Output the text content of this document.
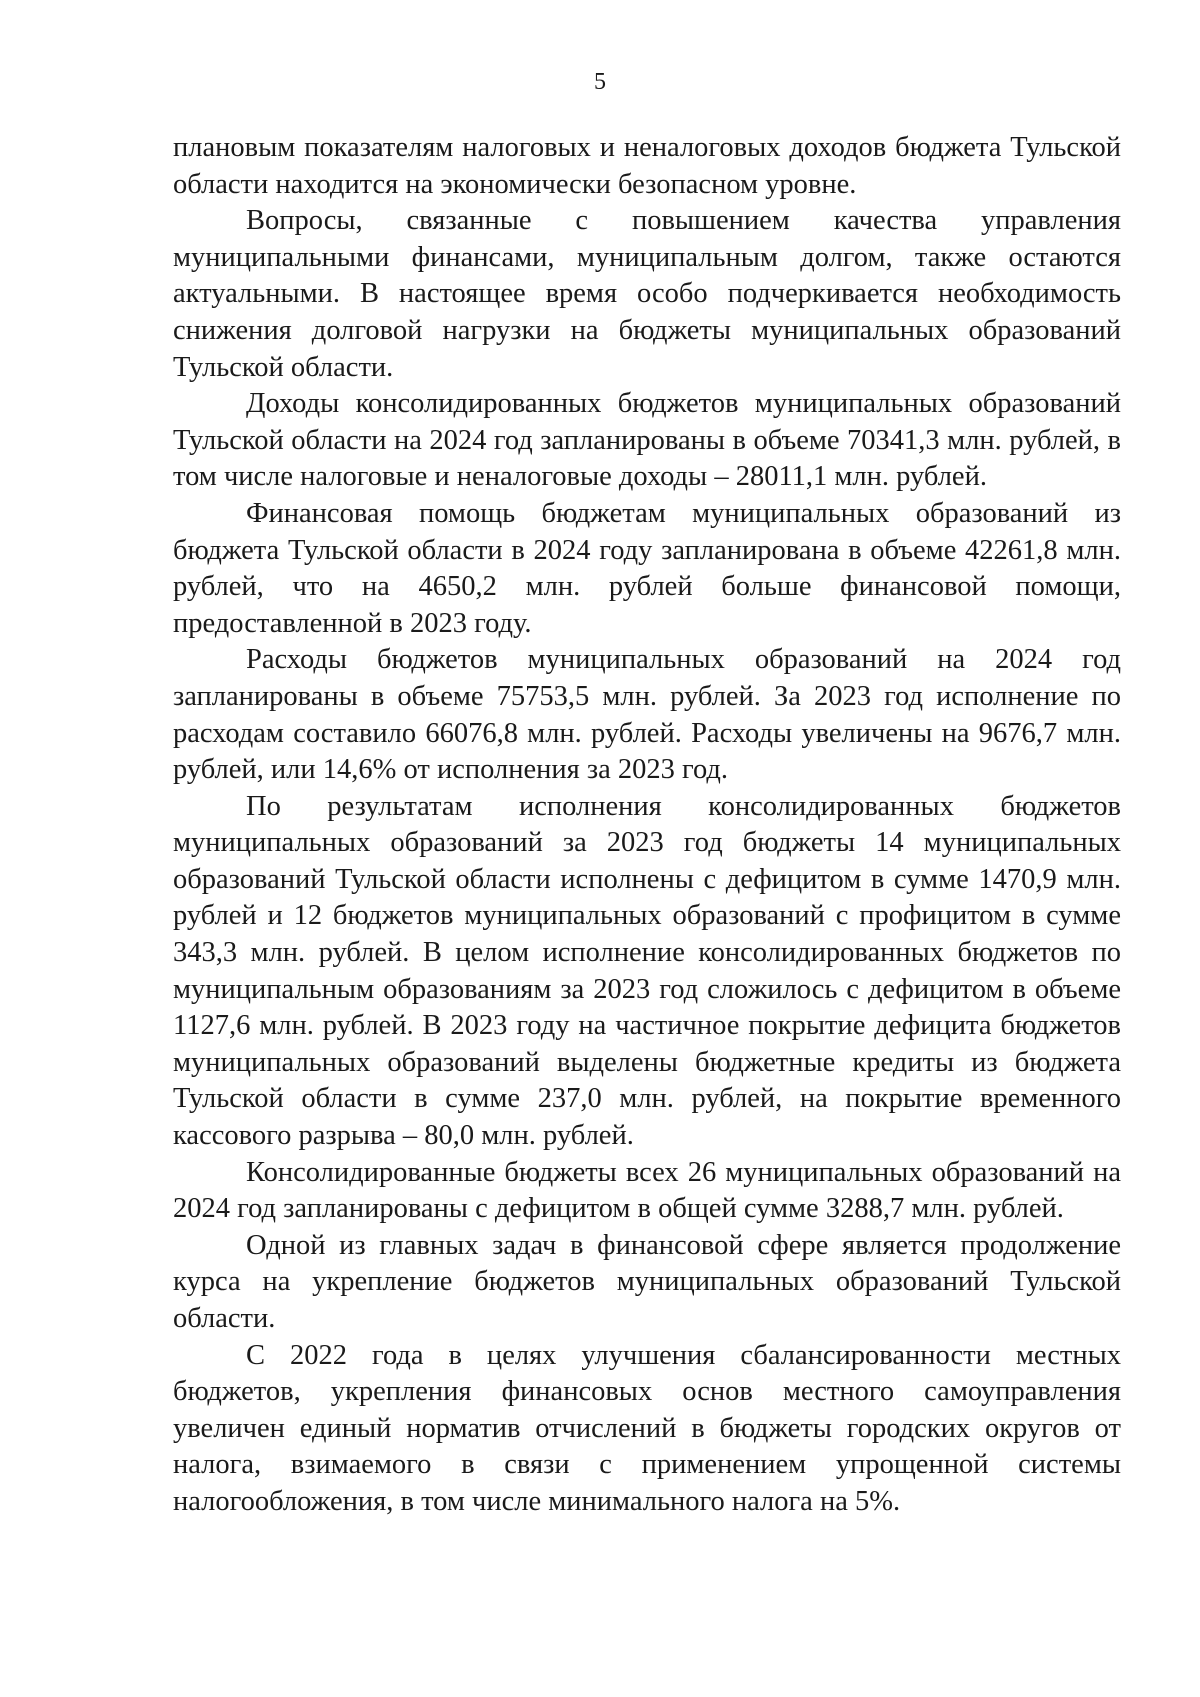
5

плановым показателям налоговых и неналоговых доходов бюджета Тульской области находится на экономически безопасном уровне.

Вопросы, связанные с повышением качества управления муниципальными финансами, муниципальным долгом, также остаются актуальными. В настоящее время особо подчеркивается необходимость снижения долговой нагрузки на бюджеты муниципальных образований Тульской области.

Доходы консолидированных бюджетов муниципальных образований Тульской области на 2024 год запланированы в объеме 70341,3 млн. рублей, в том числе налоговые и неналоговые доходы – 28011,1 млн. рублей.

Финансовая помощь бюджетам муниципальных образований из бюджета Тульской области в 2024 году запланирована в объеме 42261,8 млн. рублей, что на 4650,2 млн. рублей больше финансовой помощи, предоставленной в 2023 году.

Расходы бюджетов муниципальных образований на 2024 год запланированы в объеме 75753,5 млн. рублей. За 2023 год исполнение по расходам составило 66076,8 млн. рублей. Расходы увеличены на 9676,7 млн. рублей, или 14,6% от исполнения за 2023 год.

По результатам исполнения консолидированных бюджетов муниципальных образований за 2023 год бюджеты 14 муниципальных образований Тульской области исполнены с дефицитом в сумме 1470,9 млн. рублей и 12 бюджетов муниципальных образований с профицитом в сумме 343,3 млн. рублей. В целом исполнение консолидированных бюджетов по муниципальным образованиям за 2023 год сложилось с дефицитом в объеме 1127,6 млн. рублей. В 2023 году на частичное покрытие дефицита бюджетов муниципальных образований выделены бюджетные кредиты из бюджета Тульской области в сумме 237,0 млн. рублей, на покрытие временного кассового разрыва – 80,0 млн. рублей.

Консолидированные бюджеты всех 26 муниципальных образований на 2024 год запланированы с дефицитом в общей сумме 3288,7 млн. рублей.

Одной из главных задач в финансовой сфере является продолжение курса на укрепление бюджетов муниципальных образований Тульской области.

С 2022 года в целях улучшения сбалансированности местных бюджетов, укрепления финансовых основ местного самоуправления увеличен единый норматив отчислений в бюджеты городских округов от налога, взимаемого в связи с применением упрощенной системы налогообложения, в том числе минимального налога на 5%.
